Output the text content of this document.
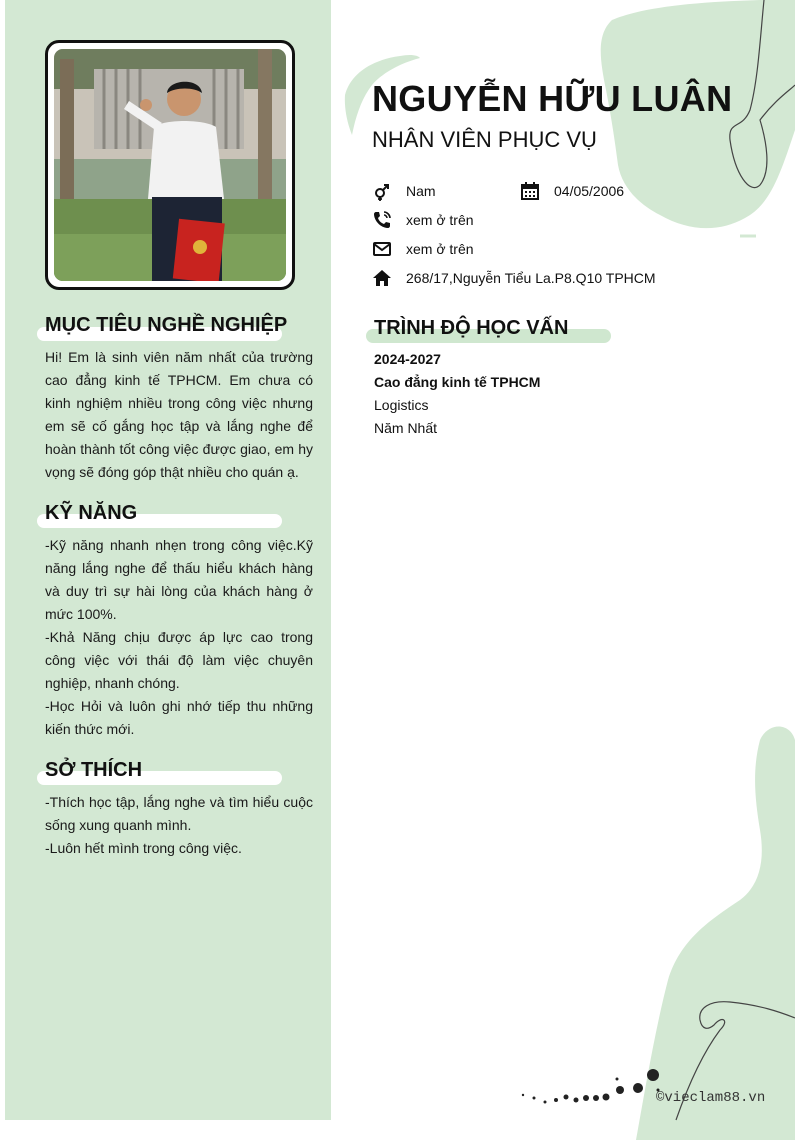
MỤC TIÊU NGHỀ NGHIỆP

Hi! Em là sinh viên năm nhất của trường cao đẳng kinh tế TPHCM. Em chưa có kinh nghiệm nhiều trong công việc nhưng em sẽ cố gắng học tập và lắng nghe để hoàn thành tốt công việc được giao, em hy vọng sẽ đóng góp thật nhiều cho quán ạ.

KỸ NĂNG

-Kỹ năng nhanh nhẹn trong công việc.Kỹ năng lắng nghe để thấu hiểu khách hàng và duy trì sự hài lòng của khách hàng ở mức 100%.

-Khả Năng chịu được áp lực cao trong công việc với thái độ làm việc chuyên nghiệp, nhanh chóng.

-Học Hỏi và luôn ghi nhớ tiếp thu những kiến thức mới.

SỞ THÍCH

-Thích học tập, lắng nghe và tìm hiểu cuộc sống xung quanh mình.

-Luôn hết mình trong công việc.

NGUYỄN HỮU LUÂN
NHÂN VIÊN PHỤC VỤ
Nam	04/05/2006
xem ở trên
xem ở trên
268/17,Nguyễn Tiểu La.P8.Q10 TPHCM
TRÌNH ĐỘ HỌC VẤN
2024-2027
Cao đẳng kinh tế TPHCM
Logistics
Năm Nhất
©vieclam88.vn
